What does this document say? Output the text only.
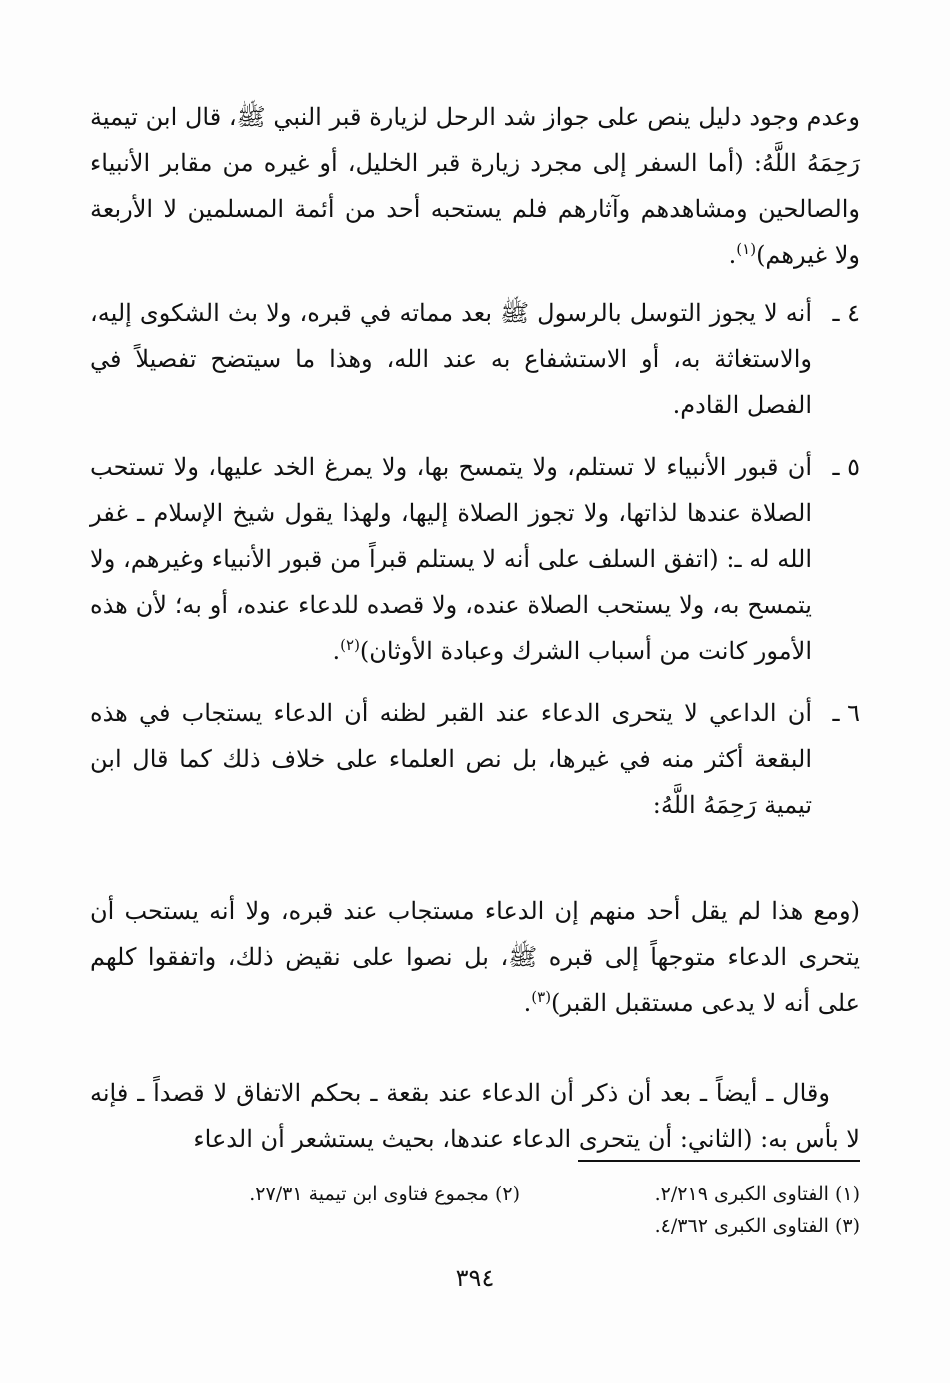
وعدم وجود دليل ينص على جواز شد الرحل لزيارة قبر النبي ﷺ، قال ابن تيمية رَحِمَهُ اللَّهُ: (أما السفر إلى مجرد زيارة قبر الخليل، أو غيره من مقابر الأنبياء والصالحين ومشاهدهم وآثارهم فلم يستحبه أحد من أئمة المسلمين لا الأربعة ولا غيرهم)$^{(١)}$.

٤ ـ

أنه لا يجوز التوسل بالرسول ﷺ بعد مماته في قبره، ولا بث الشكوى إليه، والاستغاثة به، أو الاستشفاع به عند الله، وهذا ما سيتضح تفصيلاً في الفصل القادم.

٥ ـ

أن قبور الأنبياء لا تستلم، ولا يتمسح بها، ولا يمرغ الخد عليها، ولا تستحب الصلاة عندها لذاتها، ولا تجوز الصلاة إليها، ولهذا يقول شيخ الإسلام ـ غفر الله له ـ: (اتفق السلف على أنه لا يستلم قبراً من قبور الأنبياء وغيرهم، ولا يتمسح به، ولا يستحب الصلاة عنده، ولا قصده للدعاء عنده، أو به؛ لأن هذه الأمور كانت من أسباب الشرك وعبادة الأوثان)$^{(٢)}$.

٦ ـ

أن الداعي لا يتحرى الدعاء عند القبر لظنه أن الدعاء يستجاب في هذه البقعة أكثر منه في غيرها، بل نص العلماء على خلاف ذلك كما قال ابن تيمية رَحِمَهُ اللَّهُ:

(ومع هذا لم يقل أحد منهم إن الدعاء مستجاب عند قبره، ولا أنه يستحب أن يتحرى الدعاء متوجهاً إلى قبره ﷺ، بل نصوا على نقيض ذلك، واتفقوا كلهم على أنه لا يدعى مستقبل القبر)$^{(٣)}$.

وقال ـ أيضاً ـ بعد أن ذكر أن الدعاء عند بقعة ـ بحكم الاتفاق لا قصداً ـ فإنه لا بأس به: (الثاني: أن يتحرى الدعاء عندها، بحيث يستشعر أن الدعاء

(١) الفتاوى الكبرى ٢/٢١٩.
(٢) مجموع فتاوى ابن تيمية ٢٧/٣١.
(٣) الفتاوى الكبرى ٤/٣٦٢.
٣٩٤
